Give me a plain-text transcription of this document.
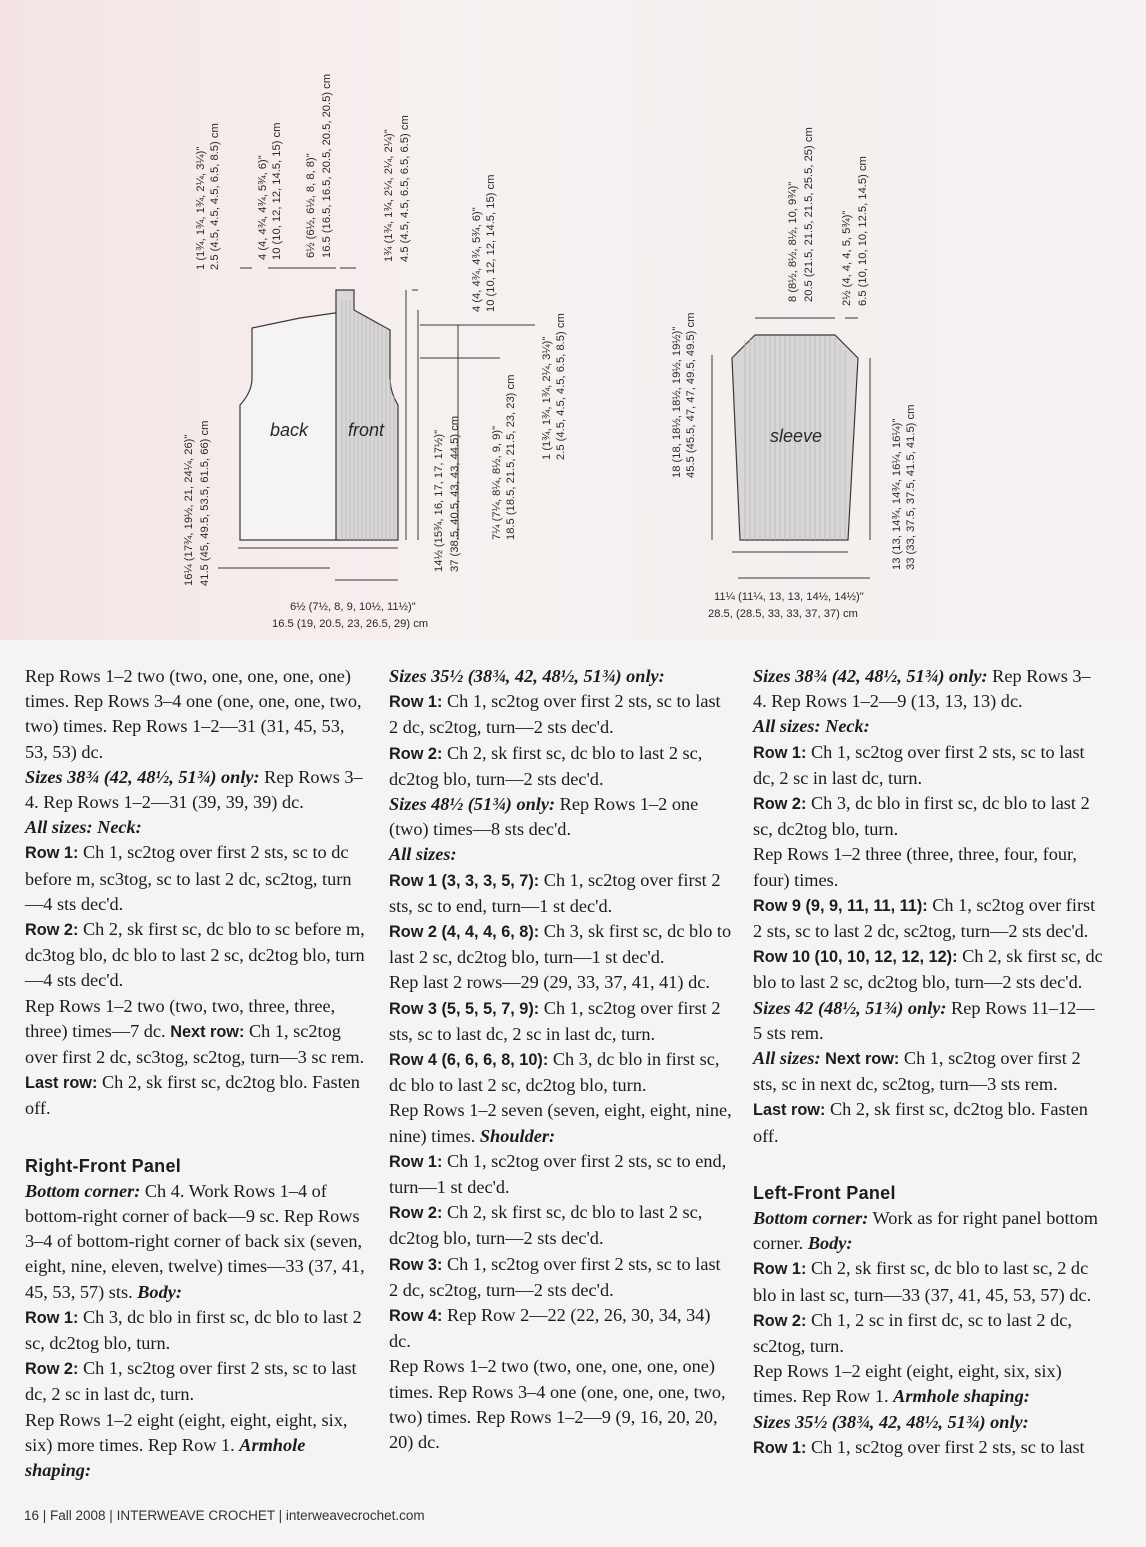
back front
1 (1¾, 1¾, 1¾, 2¼, 3¼)" 2.5 (4.5, 4.5, 4.5, 6.5, 8.5) cm	4 (4, 4¾, 4¾, 5¾, 6)" 10 (10, 12, 12, 14.5, 15) cm 6½ (6½, 6½, 8, 8, 8)" 16.5 (16.5, 16.5, 20.5, 20.5, 20.5) cm	1¾ (1¾, 1¾, 2¼, 2¼, 2¼)" 4.5 (4.5, 4.5, 6.5, 6.5, 6.5) cm	4 (4, 4¾, 4¾, 5¾, 6)" 10 (10, 12, 12, 14.5, 15) cm
7¼ (7¼, 8¼, 8½, 9, 9)" 18.5 (18.5, 21.5, 21.5, 23, 23) cm 1 (1¾, 1¾, 1¾, 2¼, 3¼)" 2.5 (4.5, 4.5, 4.5, 6.5, 8.5) cm
14½ (15¾, 16, 17, 17, 17½)" 37 (38.5, 40.5, 43, 43, 44.5) cm
16¼ (17¾, 19½, 21, 24¼, 26)" 41.5 (45, 49.5, 53.5, 61.5, 66) cm
6½ (7½, 8, 9, 10½, 11½)"
16.5 (19, 20.5, 23, 26.5, 29) cm
sleeve
8 (8½, 8½, 8½, 10, 9¾)" 20.5 (21.5, 21.5, 21.5, 25.5, 25) cm 2½ (4, 4, 4, 5, 5¾)" 6.5 (10, 10, 10, 12.5, 14.5) cm
18 (18, 18½, 18½, 19½, 19½)" 45.5 (45.5, 47, 47, 49.5, 49.5) cm
13 (13, 14¾, 14¾, 16¼, 16¼)" 33 (33, 37.5, 37.5, 41.5, 41.5) cm
11¼ (11¼, 13, 13, 14½, 14½)"
28.5, (28.5, 33, 33, 37, 37) cm

Rep Rows 1–2 two (two, one, one, one, one) times. Rep Rows 3–4 one (one, one, one, two, two) times. Rep Rows 1–2—31 (31, 45, 53, 53, 53) dc.

Sizes 38¾ (42, 48½, 51¾) only: Rep Rows 3–4. Rep Rows 1–2—31 (39, 39, 39) dc.

All sizes: Neck:

Row 1: Ch 1, sc2tog over first 2 sts, sc to dc before m, sc3tog, sc to last 2 dc, sc2tog, turn—4 sts dec'd.

Row 2: Ch 2, sk first sc, dc blo to sc before m, dc3tog blo, dc blo to last 2 sc, dc2tog blo, turn—4 sts dec'd.

Rep Rows 1–2 two (two, two, three, three, three) times—7 dc. Next row: Ch 1, sc2tog over first 2 dc, sc3tog, sc2tog, turn—3 sc rem. Last row: Ch 2, sk first sc, dc2tog blo. Fasten off.

Right-Front Panel

Bottom corner: Ch 4. Work Rows 1–4 of bottom-right corner of back—9 sc. Rep Rows 3–4 of bottom-right corner of back six (seven, eight, nine, eleven, twelve) times—33 (37, 41, 45, 53, 57) sts. Body:

Row 1: Ch 3, dc blo in first sc, dc blo to last 2 sc, dc2tog blo, turn.

Row 2: Ch 1, sc2tog over first 2 sts, sc to last dc, 2 sc in last dc, turn.

Rep Rows 1–2 eight (eight, eight, eight, six, six) more times. Rep Row 1. Armhole shaping:

Sizes 35½ (38¾, 42, 48½, 51¾) only:

Row 1: Ch 1, sc2tog over first 2 sts, sc to last 2 dc, sc2tog, turn—2 sts dec'd.

Row 2: Ch 2, sk first sc, dc blo to last 2 sc, dc2tog blo, turn—2 sts dec'd.

Sizes 48½ (51¾) only: Rep Rows 1–2 one (two) times—8 sts dec'd.

All sizes:

Row 1 (3, 3, 3, 5, 7): Ch 1, sc2tog over first 2 sts, sc to end, turn—1 st dec'd.

Row 2 (4, 4, 4, 6, 8): Ch 3, sk first sc, dc blo to last 2 sc, dc2tog blo, turn—1 st dec'd.

Rep last 2 rows—29 (29, 33, 37, 41, 41) dc.

Row 3 (5, 5, 5, 7, 9): Ch 1, sc2tog over first 2 sts, sc to last dc, 2 sc in last dc, turn.

Row 4 (6, 6, 6, 8, 10): Ch 3, dc blo in first sc, dc blo to last 2 sc, dc2tog blo, turn.

Rep Rows 1–2 seven (seven, eight, eight, nine, nine) times. Shoulder:

Row 1: Ch 1, sc2tog over first 2 sts, sc to end, turn—1 st dec'd.

Row 2: Ch 2, sk first sc, dc blo to last 2 sc, dc2tog blo, turn—2 sts dec'd.

Row 3: Ch 1, sc2tog over first 2 sts, sc to last 2 dc, sc2tog, turn—2 sts dec'd.

Row 4: Rep Row 2—22 (22, 26, 30, 34, 34) dc.

Rep Rows 1–2 two (two, one, one, one, one) times. Rep Rows 3–4 one (one, one, one, two, two) times. Rep Rows 1–2—9 (9, 16, 20, 20, 20) dc.

Sizes 38¾ (42, 48½, 51¾) only: Rep Rows 3–4. Rep Rows 1–2—9 (13, 13, 13) dc.

All sizes: Neck:

Row 1: Ch 1, sc2tog over first 2 sts, sc to last dc, 2 sc in last dc, turn.

Row 2: Ch 3, dc blo in first sc, dc blo to last 2 sc, dc2tog blo, turn.

Rep Rows 1–2 three (three, three, four, four, four) times.

Row 9 (9, 9, 11, 11, 11): Ch 1, sc2tog over first 2 sts, sc to last 2 dc, sc2tog, turn—2 sts dec'd.

Row 10 (10, 10, 12, 12, 12): Ch 2, sk first sc, dc blo to last 2 sc, dc2tog blo, turn—2 sts dec'd.

Sizes 42 (48½, 51¾) only: Rep Rows 11–12—5 sts rem.

All sizes: Next row: Ch 1, sc2tog over first 2 sts, sc in next dc, sc2tog, turn—3 sts rem.

Last row: Ch 2, sk first sc, dc2tog blo. Fasten off.

Left-Front Panel

Bottom corner: Work as for right panel bottom corner. Body:

Row 1: Ch 2, sk first sc, dc blo to last sc, 2 dc blo in last sc, turn—33 (37, 41, 45, 53, 57) dc.

Row 2: Ch 1, 2 sc in first dc, sc to last 2 dc, sc2tog, turn.

Rep Rows 1–2 eight (eight, eight, six, six) times. Rep Row 1. Armhole shaping:

Sizes 35½ (38¾, 42, 48½, 51¾) only:

Row 1: Ch 1, sc2tog over first 2 sts, sc to last

16 | Fall 2008 | INTERWEAVE CROCHET | interweavecrochet.com
